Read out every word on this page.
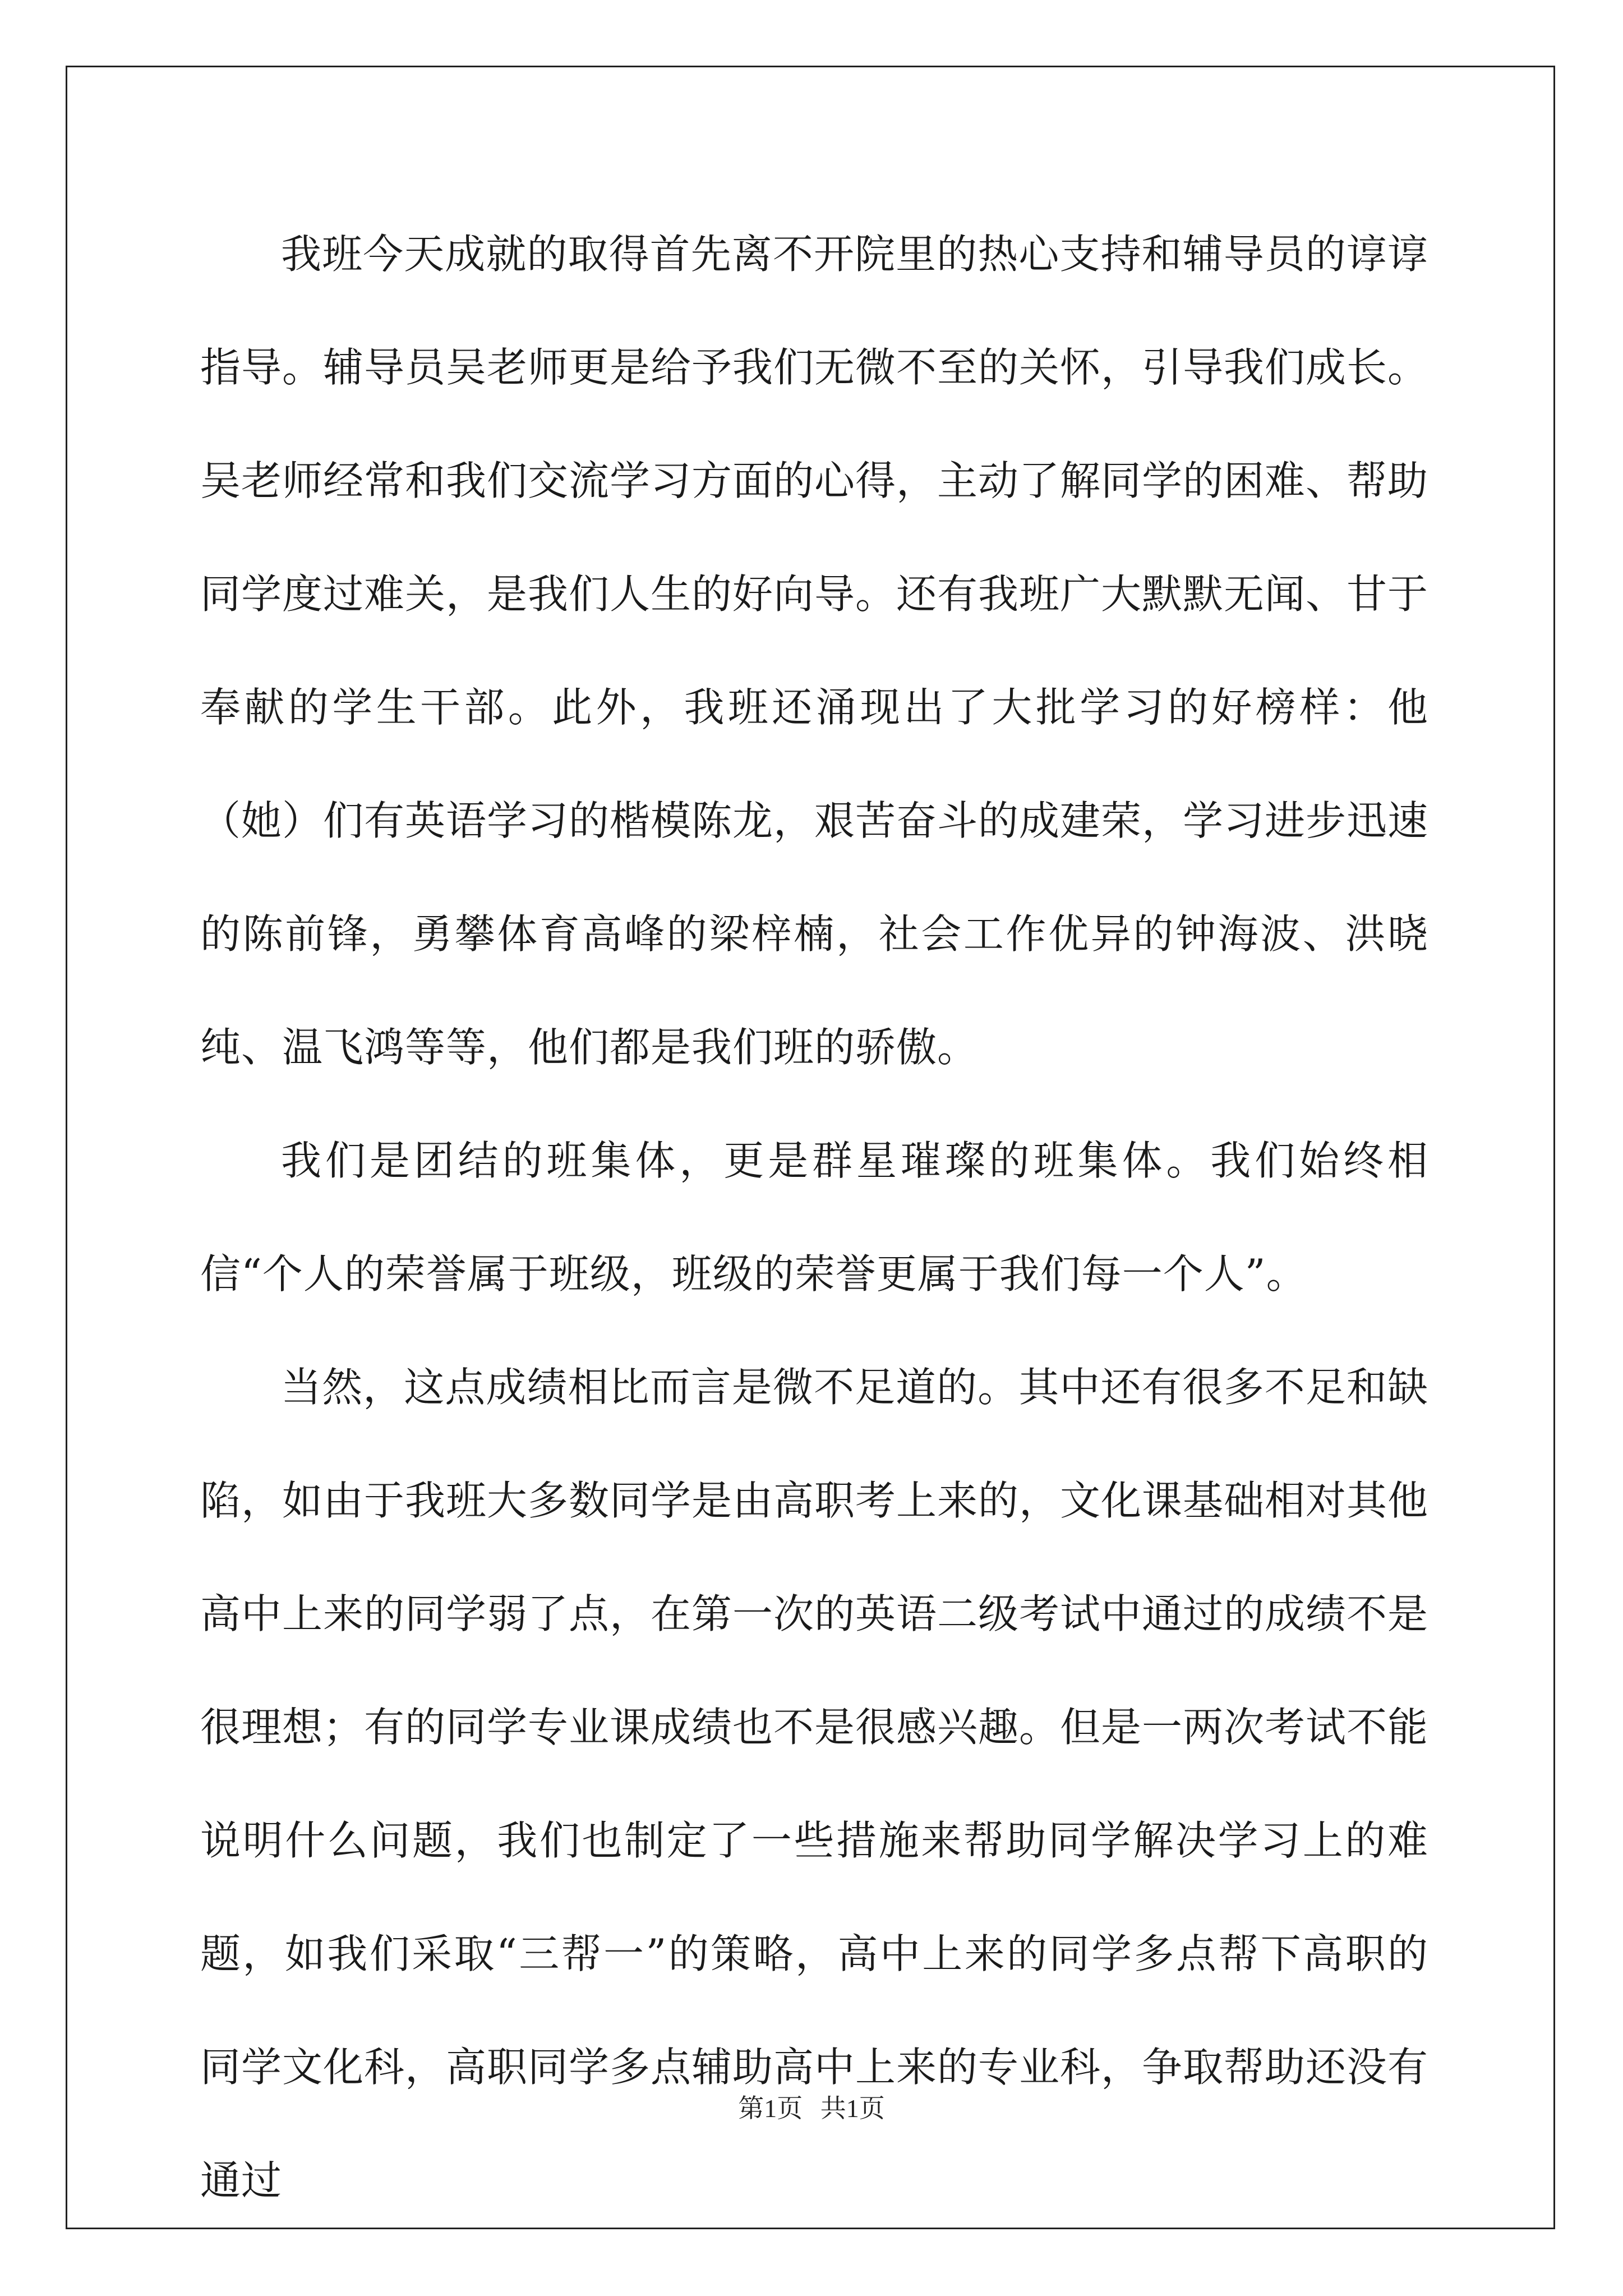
我班今天成就的取得首先离不开院里的热心支持和辅导员的谆谆指导。辅导员吴老师更是给予我们无微不至的关怀，引导我们成长。吴老师经常和我们交流学习方面的心得，主动了解同学的困难、帮助同学度过难关，是我们人生的好向导。还有我班广大默默无闻、甘于奉献的学生干部。此外，我班还涌现出了大批学习的好榜样：他（她）们有英语学习的楷模陈龙，艰苦奋斗的成建荣，学习进步迅速的陈前锋，勇攀体育高峰的梁梓楠，社会工作优异的钟海波、洪晓纯、温飞鸿等等，他们都是我们班的骄傲。

我们是团结的班集体，更是群星璀璨的班集体。我们始终相信“个人的荣誉属于班级，班级的荣誉更属于我们每一个人”。

当然，这点成绩相比而言是微不足道的。其中还有很多不足和缺陷，如由于我班大多数同学是由高职考上来的，文化课基础相对其他高中上来的同学弱了点，在第一次的英语二级考试中通过的成绩不是很理想；有的同学专业课成绩也不是很感兴趣。但是一两次考试不能说明什么问题，我们也制定了一些措施来帮助同学解决学习上的难题，如我们采取“三帮一”的策略，高中上来的同学多点帮下高职的同学文化科，高职同学多点辅助高中上来的专业科，争取帮助还没有通过

第1页 共1页
